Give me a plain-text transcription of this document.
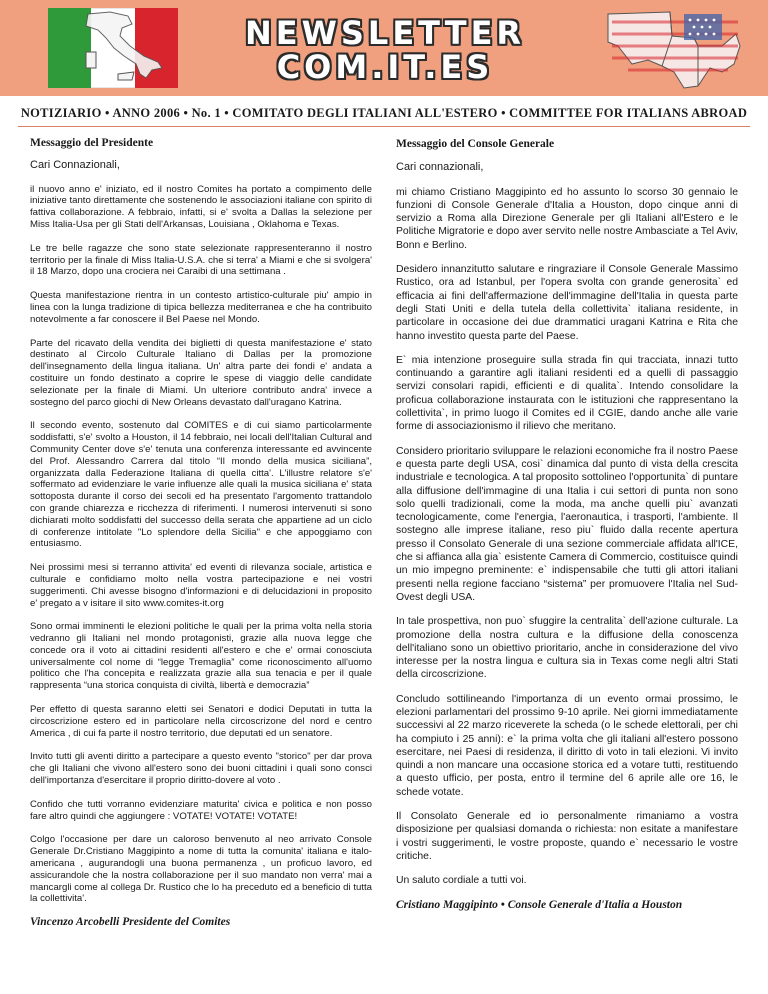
NEWSLETTER
COM.IT.ES
NOTIZIARIO • ANNO 2006 • No. 1 • COMITATO DEGLI ITALIANI ALL'ESTERO • COMMITTEE FOR ITALIANS ABROAD
Messaggio del Presidente

Cari Connazionali,

il nuovo anno e' iniziato, ed il nostro Comites ha portato a compimento delle iniziative tanto direttamente che sostenendo le associazioni italiane con spirito di fattiva collaborazione. A febbraio, infatti, si e' svolta a Dallas la selezione per Miss Italia-Usa per gli Stati dell'Arkansas, Louisiana , Oklahoma e Texas.

Le tre belle ragazze che sono state selezionate rappresenteranno il nostro territorio per la finale di Miss Italia-U.S.A. che si terra' a Miami e che si svolgera' il 18 Marzo, dopo una crociera nei Caraibi di una settimana .

Questa manifestazione rientra in un contesto artistico-culturale piu' ampio in linea con la lunga tradizione di tipica bellezza mediterranea e che ha contribuito notevolmente a far conoscere il Bel Paese nel Mondo.

Parte del ricavato della vendita dei biglietti di questa manifestazione e' stato destinato al Circolo Culturale Italiano di Dallas per la promozione dell'insegnamento della lingua italiana. Un' altra parte dei fondi e' andata a costituire un fondo destinato a coprire le spese di viaggio delle candidate selezionate per la finale di Miami. Un ulteriore contributo andra' invece a sostegno del parco giochi di New Orleans devastato dall'uragano Katrina.

Il secondo evento, sostenuto dal COMITES e di cui siamo particolarmente soddisfatti, s'e' svolto a Houston, il 14 febbraio, nei locali dell'Italian Cultural and Community Center dove s'e' tenuta una conferenza interessante ed avvincente del Prof. Alessandro Carrera dal titolo “Il mondo della musica siciliana”, organizzata dalla Federazione Italiana di quella citta'. L'illustre relatore s'e' soffermato ad evidenziare le varie influenze alle quali la musica siciliana e' stata sottoposta durante il corso dei secoli ed ha presentato l'argomento trattandolo con grande chiarezza e ricchezza di riferimenti. I numerosi intervenuti si sono dichiarati molto soddisfatti del successo della serata che appartiene ad un ciclo di conferenze intitolate "Lo splendore della Sicilia" e che appoggiamo con entusiasmo.

Nei prossimi mesi si terranno attivita' ed eventi di rilevanza sociale, artistica e culturale e confidiamo molto nella vostra partecipazione e nei vostri suggerimenti. Chi avesse bisogno d'informazioni e di delucidazioni in proposito e' pregato a v isitare il sito www.comites-it.org

Sono ormai imminenti le elezioni politiche le quali per la prima volta nella storia vedranno gli Italiani nel mondo protagonisti, grazie alla nuova legge che concede ora il voto ai cittadini residenti all'estero e che e' ormai conosciuta universalmente col nome di “legge Tremaglia” come riconoscimento all'uomo politico che l'ha concepita e realizzata grazie alla sua tenacia e per il quale rappresenta “una storica conquista di civiltà, libertà e democrazia”

Per effetto di questa saranno eletti sei Senatori e dodici Deputati in tutta la circoscrizione estero ed in particolare nella circoscrizone del nord e centro America , di cui fa parte il nostro territorio, due deputati ed un senatore.

Invito tutti gli aventi diritto a partecipare a questo evento "storico" per dar prova che gli Italiani che vivono all'estero sono dei buoni cittadini i quali sono consci dell'importanza d'esercitare il proprio diritto-dovere al voto .

Confido che tutti vorranno evidenziare maturita' civica e politica e non posso fare altro quindi che aggiungere : VOTATE! VOTATE! VOTATE!

Colgo l'occasione per dare un caloroso benvenuto al neo arrivato Console Generale Dr.Cristiano Maggipinto a nome di tutta la comunita' italiana e italo-americana , augurandogli una buona permanenza , un proficuo lavoro, ed assicurandole che la nostra collaborazione per il suo mandato non verra' mai a mancargli come al collega Dr. Rustico che lo ha preceduto ed a beneficio di tutta la collettivita'.

Vincenzo Arcobelli Presidente del Comites
Messaggio del Console Generale

Cari connazionali,

mi chiamo Cristiano Maggipinto ed ho assunto lo scorso 30 gennaio le funzioni di Console Generale d'Italia a Houston, dopo cinque anni di servizio a Roma alla Direzione Generale per gli Italiani all'Estero e le Politiche Migratorie e dopo aver servito nelle nostre Ambasciate a Tel Aviv, Bonn e Berlino.

Desidero innanzitutto salutare e ringraziare il Console Generale Massimo Rustico, ora ad Istanbul, per l'opera svolta con grande generosita` ed efficacia ai fini dell'affermazione dell'immagine dell'Italia in questa parte degli Stati Uniti e della tutela della collettivita` italiana residente, in particolare in occasione dei due drammatici uragani Katrina e Rita che hanno investito questa parte del Paese.

E` mia intenzione proseguire sulla strada fin qui tracciata, innazi tutto continuando a garantire agli italiani residenti ed a quelli di passaggio servizi consolari rapidi, efficienti e di qualita`. Intendo consolidare la proficua collaborazione instaurata con le istituzioni che rappresentano la collettivita`, in primo luogo il Comites ed il CGIE, dando anche alle varie forme di associazionismo il rilievo che meritano.

Considero prioritario sviluppare le relazioni economiche fra il nostro Paese e questa parte degli USA, cosi` dinamica dal punto di vista della crescita industriale e tecnologica. A tal proposito sottolineo l'opportunita` di puntare alla diffusione dell'immagine di una Italia i cui settori di punta non sono solo quelli tradizionali, come la moda, ma anche quelli piu` avanzati tecnologicamente, come l'energia, l'aeronautica, i trasporti, l'ambiente. Il sostegno alle imprese italiane, reso piu` fluido dalla recente apertura presso il Consolato Generale di una sezione commerciale affidata all'ICE, che si affianca alla gia` esistente Camera di Commercio, costituisce quindi un mio impegno preminente: e` indispensabile che tutti gli attori italiani presenti nella regione facciano “sistema” per promuovere l'Italia nel Sud-Ovest degli USA.

In tale prospettiva, non puo` sfuggire la centralita` dell'azione culturale. La promozione della nostra cultura e la diffusione della conoscenza dell'italiano sono un obiettivo prioritario, anche in considerazione del vivo interesse per la nostra lingua e cultura sia in Texas come negli altri Stati della circoscrizione.

Concludo sottilineando l'importanza di un evento ormai prossimo, le elezioni parlamentari del prossimo 9-10 aprile. Nei giorni immediatamente successivi al 22 marzo riceverete la scheda (o le schede elettorali, per chi ha compiuto i 25 anni): e` la prima volta che gli italiani all'estero possono esercitare, nei Paesi di residenza, il diritto di voto in tali elezioni. Vi invito quindi a non mancare una occasione storica ed a votare tutti, restituendo a questo ufficio, per posta, entro il termine del 6 aprile alle ore 16, le schede votate.

Il Consolato Generale ed io personalmente rimaniamo a vostra disposizione per qualsiasi domanda o richiesta: non esitate a manifestare i vostri suggerimenti, le vostre proposte, quando e` necessario le vostre critiche.

Un saluto cordiale a tutti voi.

Cristiano Maggipinto • Console Generale d'Italia a Houston
